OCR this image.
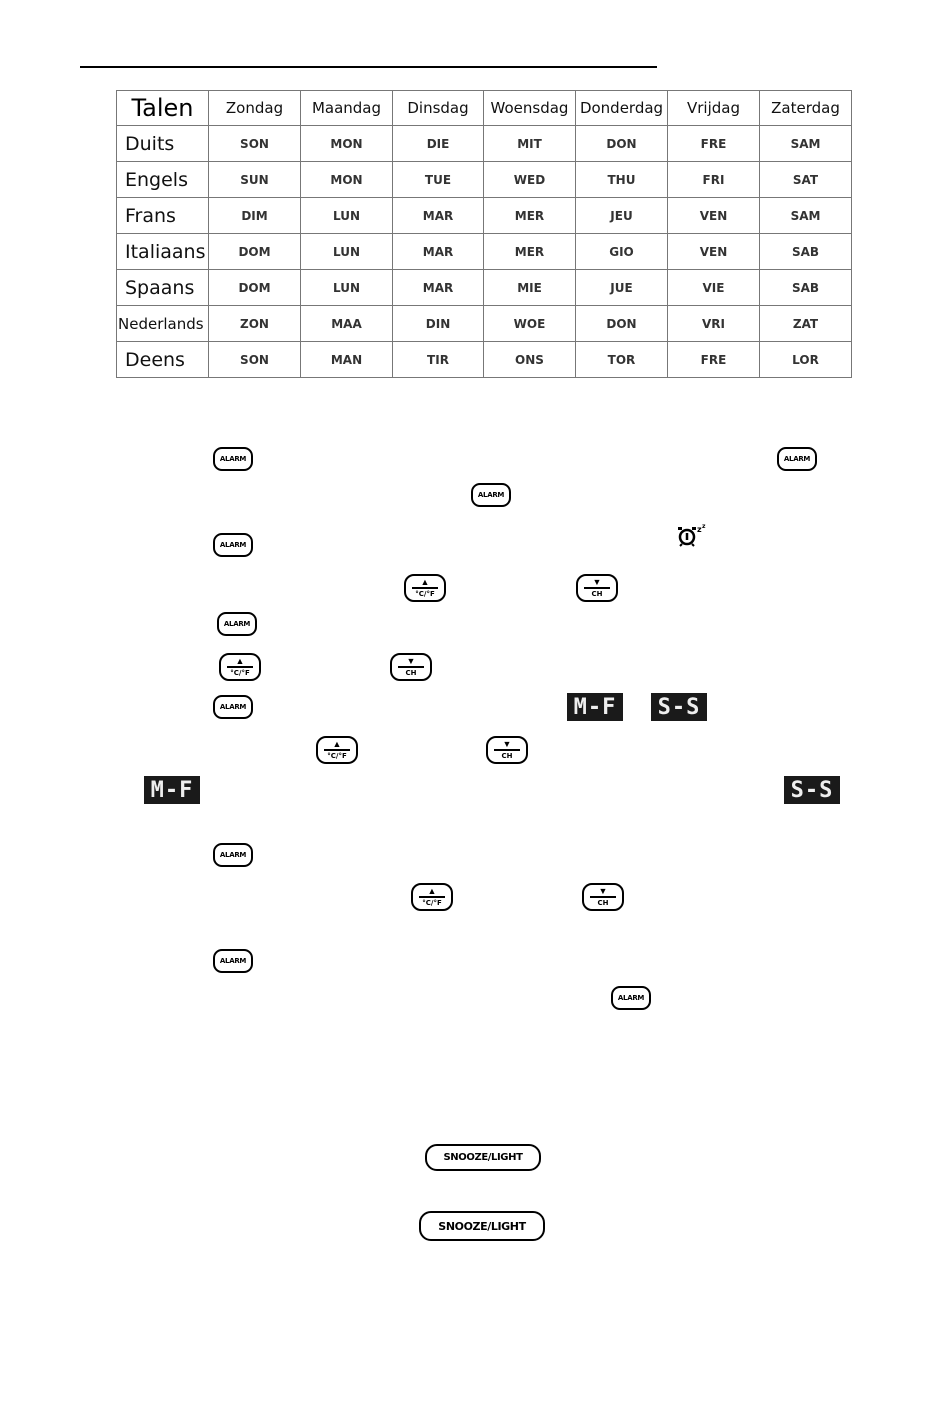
Talen	Zondag	Maandag	Dinsdag	Woensdag	Donderdag	Vrijdag	Zaterdag
Duits	SON	MON	DIE	MIT	DON	FRE	SAM
Engels	SUN	MON	TUE	WED	THU	FRI	SAT
Frans	DIM	LUN	MAR	MER	JEU	VEN	SAM
Italiaans	DOM	LUN	MAR	MER	GIO	VEN	SAB
Spaans	DOM	LUN	MAR	MIE	JUE	VIE	SAB
Nederlands	ZON	MAA	DIN	WOE	DON	VRI	ZAT
Deens	SON	MAN	TIR	ONS	TOR	FRE	LOR
ALARM	ALARM
ALARM
ALARM
ALARM
ALARM
ALARM
ALARM
ALARM
z z
▲
°C/°F
▲
°C/°F
▲
°C/°F
▲
°C/°F
▼
CH
▼
CH
▼
CH
▼
CH
M-F	S-S
M-F	S-S
SNOOZE/LIGHT
SNOOZE/LIGHT
